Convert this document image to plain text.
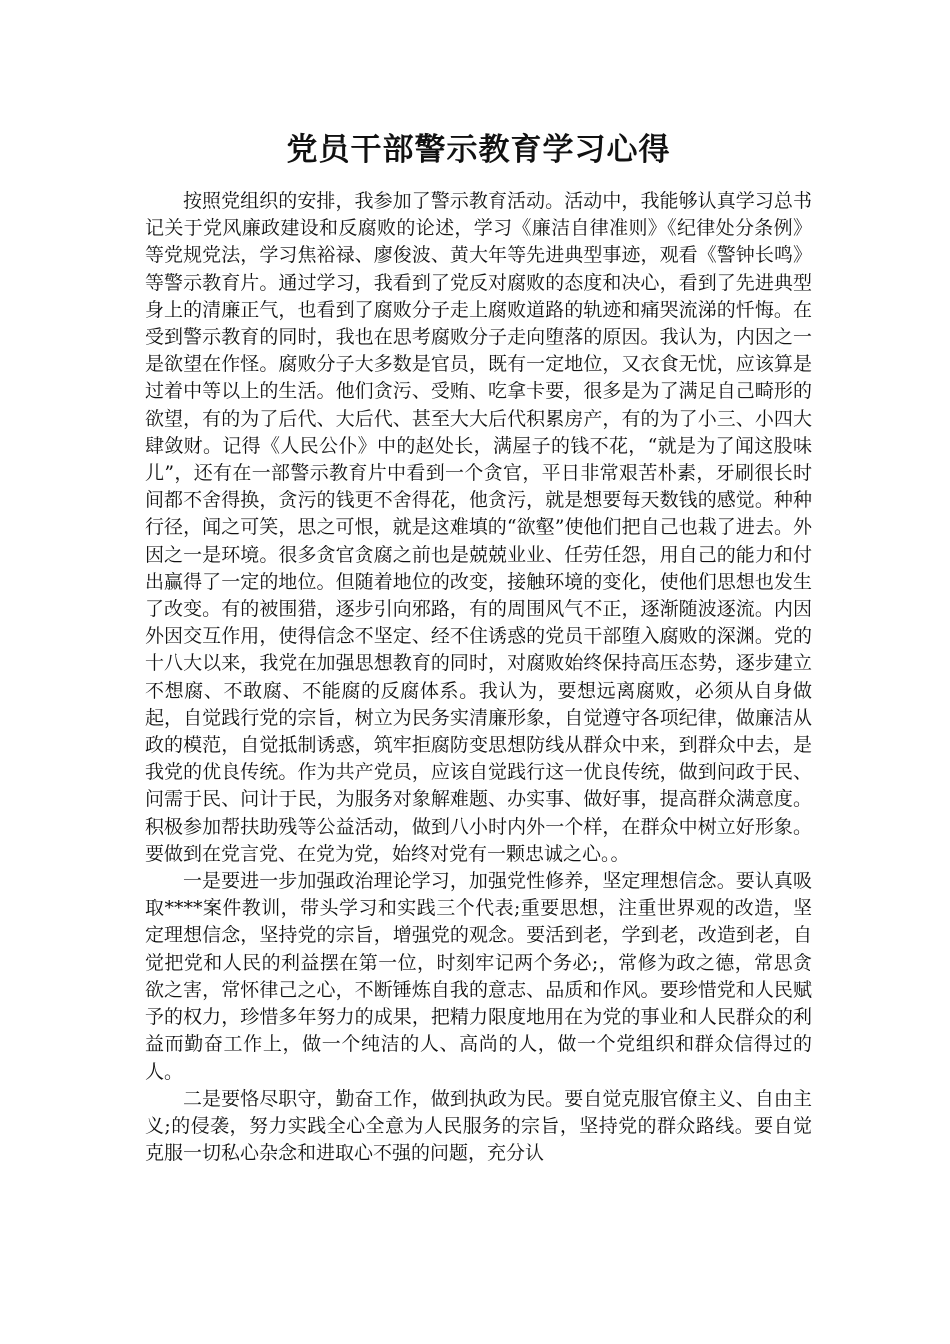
党员干部警示教育学习心得

按照党组织的安排，我参加了警示教育活动。活动中，我能够认真学习总书记关于党风廉政建设和反腐败的论述，学习《廉洁自律准则》《纪律处分条例》等党规党法，学习焦裕禄、廖俊波、黄大年等先进典型事迹，观看《警钟长鸣》等警示教育片。通过学习，我看到了党反对腐败的态度和决心，看到了先进典型身上的清廉正气，也看到了腐败分子走上腐败道路的轨迹和痛哭流涕的忏悔。在受到警示教育的同时，我也在思考腐败分子走向堕落的原因。我认为，内因之一是欲望在作怪。腐败分子大多数是官员，既有一定地位，又衣食无忧，应该算是过着中等以上的生活。他们贪污、受贿、吃拿卡要，很多是为了满足自己畸形的欲望，有的为了后代、大后代、甚至大大后代积累房产，有的为了小三、小四大肆敛财。记得《人民公仆》中的赵处长，满屋子的钱不花，“就是为了闻这股味儿”，还有在一部警示教育片中看到一个贪官，平日非常艰苦朴素，牙刷很长时间都不舍得换，贪污的钱更不舍得花，他贪污，就是想要每天数钱的感觉。种种行径，闻之可笑，思之可恨，就是这难填的“欲壑”使他们把自己也栽了进去。外因之一是环境。很多贪官贪腐之前也是兢兢业业、任劳任怨，用自己的能力和付出赢得了一定的地位。但随着地位的改变，接触环境的变化，使他们思想也发生了改变。有的被围猎，逐步引向邪路，有的周围风气不正，逐渐随波逐流。内因外因交互作用，使得信念不坚定、经不住诱惑的党员干部堕入腐败的深渊。党的十八大以来，我党在加强思想教育的同时，对腐败始终保持高压态势，逐步建立不想腐、不敢腐、不能腐的反腐体系。我认为，要想远离腐败，必须从自身做起，自觉践行党的宗旨，树立为民务实清廉形象，自觉遵守各项纪律，做廉洁从政的模范，自觉抵制诱惑，筑牢拒腐防变思想防线从群众中来，到群众中去，是我党的优良传统。作为共产党员，应该自觉践行这一优良传统，做到问政于民、问需于民、问计于民，为服务对象解难题、办实事、做好事，提高群众满意度。积极参加帮扶助残等公益活动，做到八小时内外一个样，在群众中树立好形象。要做到在党言党、在党为党，始终对党有一颗忠诚之心。。

一是要进一步加强政治理论学习，加强党性修养，坚定理想信念。要认真吸取****案件教训，带头学习和实践三个代表;重要思想，注重世界观的改造，坚定理想信念，坚持党的宗旨，增强党的观念。要活到老，学到老，改造到老，自觉把党和人民的利益摆在第一位，时刻牢记两个务必;，常修为政之德，常思贪欲之害，常怀律己之心，不断锤炼自我的意志、品质和作风。要珍惜党和人民赋予的权力，珍惜多年努力的成果，把精力限度地用在为党的事业和人民群众的利益而勤奋工作上，做一个纯洁的人、高尚的人，做一个党组织和群众信得过的人。

二是要恪尽职守，勤奋工作，做到执政为民。要自觉克服官僚主义、自由主义;的侵袭，努力实践全心全意为人民服务的宗旨，坚持党的群众路线。要自觉克服一切私心杂念和进取心不强的问题，充分认
